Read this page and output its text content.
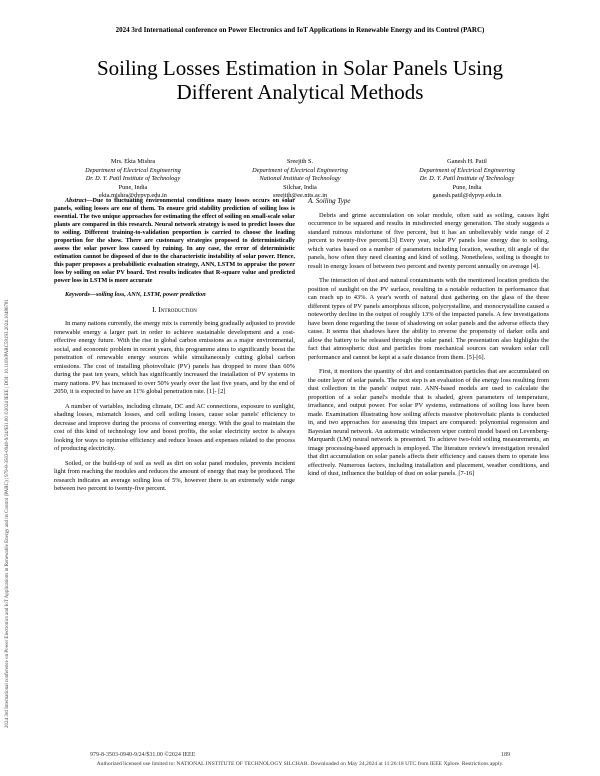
2024 3rd International conference on Power Electronics and IoT Applications in Renewable Energy and its Control (PARC)
2024 3rd International conference on Power Electronics and IoT Applications in Renewable Energy and its Control (PARC) | 979-8-3503-0940-9/24/$31.00 ©2024 IEEE | DOI: 10.1109/PARC59193.2024.10486781
Soiling Losses Estimation in Solar Panels Using
Different Analytical Methods
Mrs. Ekta Mishra
Department of Electrical Engineering
Dr. D. Y. Patil Institute of Technology
Pune, India
ekta.mishra@dypvp.edu.in
Sreejith S.
Department of Electrical Engineering
National Institute of Technology
Silchar, India
sreejith@ee.nits.ac.in
Ganesh H. Patil
Department of Electrical Engineering
Dr. D. Y. Patil Institute of Technology
Pune, India
ganesh.patil@dypvp.edu.in

Abstract—Due to fluctuating environmental conditions many losses occurs on solar panels, soiling losses are one of them. To ensure grid stability prediction of soiling loss is essential. The two unique approaches for estimating the effect of soiling on small-scale solar plants are compared in this research. Neural network strategy is used to predict losses due to soiling. Different training-to-validation proportion is carried to choose the leading proportion for the show. There are customary strategies proposed to deterministically assess the solar power loss caused by ruining. In any case, the error of deterministic estimation cannot be disposed of due to the characteristic instability of solar power. Hence, this paper proposes a probabilistic evaluation strategy, ANN, LSTM to appraise the power loss by soiling on solar PV board. Test results indicates that R-square value and predicted power loss in LSTM is more accurate

Keywords—soiling loss, ANN, LSTM, power prediction

I. Introduction

In many nations currently, the energy mix is currently being gradually adjusted to provide renewable energy a larger part in order to achieve sustainable development and a cost-effective energy future. With the rise in global carbon emissions as a major environmental, social, and economic problem in recent years, this programme aims to significantly boost the penetration of renewable energy sources while simultaneously cutting global carbon emissions. The cost of installing photovoltaic (PV) panels has dropped to more than 60% during the past ten years, which has significantly increased the installation of PV systems in many nations. PV has increased to over 50% yearly over the last five years, and by the end of 2050, it is expected to have an 11% global penetration rate. [1]- [2]

A number of variables, including climate, DC and AC connections, exposure to sunlight, shading losses, mismatch losses, and cell soiling losses, cause solar panels' efficiency to decrease and improve during the process of converting energy. With the goal to maintain the cost of this kind of technology low and boost profits, the solar electricity sector is always looking for ways to optimise efficiency and reduce losses and expenses related to the process of producing electricity.

Soiled, or the build-up of soil as well as dirt on solar panel modules, prevents incident light from reaching the modules and reduces the amount of energy that may be produced. The research indicates an average soiling loss of 5%, however there is an extremely wide range between two percent to twenty-five percent.

A. Soiling Type

Debris and grime accumulation on solar module, often said as soiling, causes light occurrence to be squared and results in misdirected energy generation. The study suggests a standard ruinous misfortune of five percent, but it has an unbelievably wide range of 2 percent to twenty-five percent.[3] Every year, solar PV panels lose energy due to soiling, which varies based on a number of parameters including location, weather, tilt angle of the panels, how often they need cleaning and kind of soiling. Nonetheless, soiling is thought to result in energy losses of between two percent and twenty percent annually on average [4].

The interaction of dust and natural contaminants with the mentioned location predicts the position of sunlight on the PV surface, resulting in a notable reduction in performance that can reach up to 43%. A year's worth of natural dust gathering on the glass of the three different types of PV panels amorphous silicon, polycrystalline, and monocrystalline caused a noteworthy decline in the output of roughly 13% of the impacted panels. A few investigations have been done regarding the issue of shadowing on solar panels and the adverse effects they cause. It seems that shadows have the ability to reverse the propensity of darker cells and allow the battery to be released through the solar panel. The presentation also highlights the fact that atmospheric dust and particles from mechanical sources can weaken solar cell performance and cannot be kept at a safe distance from them. [5]-[6].

First, it monitors the quantity of dirt and contamination particles that are accumulated on the outer layer of solar panels. The next step is an evaluation of the energy loss resulting from dust collection in the panels' output rate. ANN-based models are used to calculate the proportion of a solar panel's module that is shaded, given parameters of temperature, irradiance, and output power. For solar PV systems, estimations of soiling loss have been made. Examination illustrating how soiling affects massive photovoltaic plants is conducted in, and two approaches for assessing this impact are compared: polynomial regression and Bayesian neural network. An automatic windscreen wiper control model based on Levenberg-Marquardt (LM) neural network is presented. To achieve two-fold soiling measurements, an image processing-based approach is employed. The literature review's investigation revealed that dirt accumulation on solar panels affects their efficiency and causes them to operate less effectively. Numerous factors, including installation and placement, weather conditions, and kind of dust, influence the buildup of dust on solar panels. [7-16]

979-8-3503-0940-9/24/$31.00 ©2024 IEEE	189
Authorized licensed use limited to: NATIONAL INSTITUTE OF TECHNOLOGY SILCHAR. Downloaded on May 24,2024 at 11:26:18 UTC from IEEE Xplore. Restrictions apply.
